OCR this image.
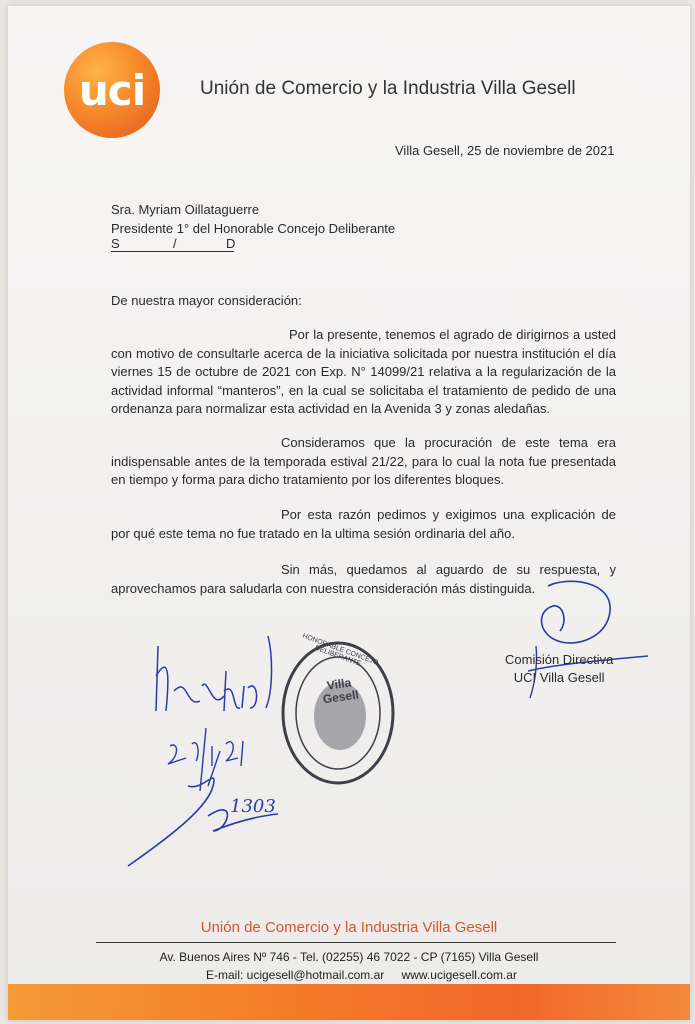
uci	Unión de Comercio y la Industria Villa Gesell
Villa Gesell, 25 de noviembre de 2021
Sra. Myriam Oillataguerre
Presidente 1° del Honorable Concejo Deliberante
S	/	D
De nuestra mayor consideración:
Por la presente, tenemos el agrado de dirigirnos a usted con motivo de consultarle acerca de la iniciativa solicitada por nuestra institución el día viernes 15 de octubre de 2021 con Exp. N° 14099/21 relativa a la regularización de la actividad informal “manteros”, en la cual se solicitaba el tratamiento de pedido de una ordenanza para normalizar esta actividad en la Avenida 3 y zonas aledañas.
Consideramos que la procuración de este tema era indispensable antes de la temporada estival 21/22, para lo cual la nota fue presentada en tiempo y forma para dicho tratamiento por los diferentes bloques.
Por esta razón pedimos y exigimos una explicación de por qué este tema no fue tratado en la ultima sesión ordinaria del año.
Sin más, quedamos al aguardo de su respuesta, y aprovechamos para saludarla con nuestra consideración más distinguida.
Comisión Directiva
UCI Villa Gesell
1303
Villa Gesell
HONORABLE CONCEJO DELIBERANTE
Unión de Comercio y la Industria Villa Gesell
Av. Buenos Aires Nº 746 - Tel. (02255) 46 7022 - CP (7165) Villa Gesell
E-mail: ucigesell@hotmail.com.ar www.ucigesell.com.ar
